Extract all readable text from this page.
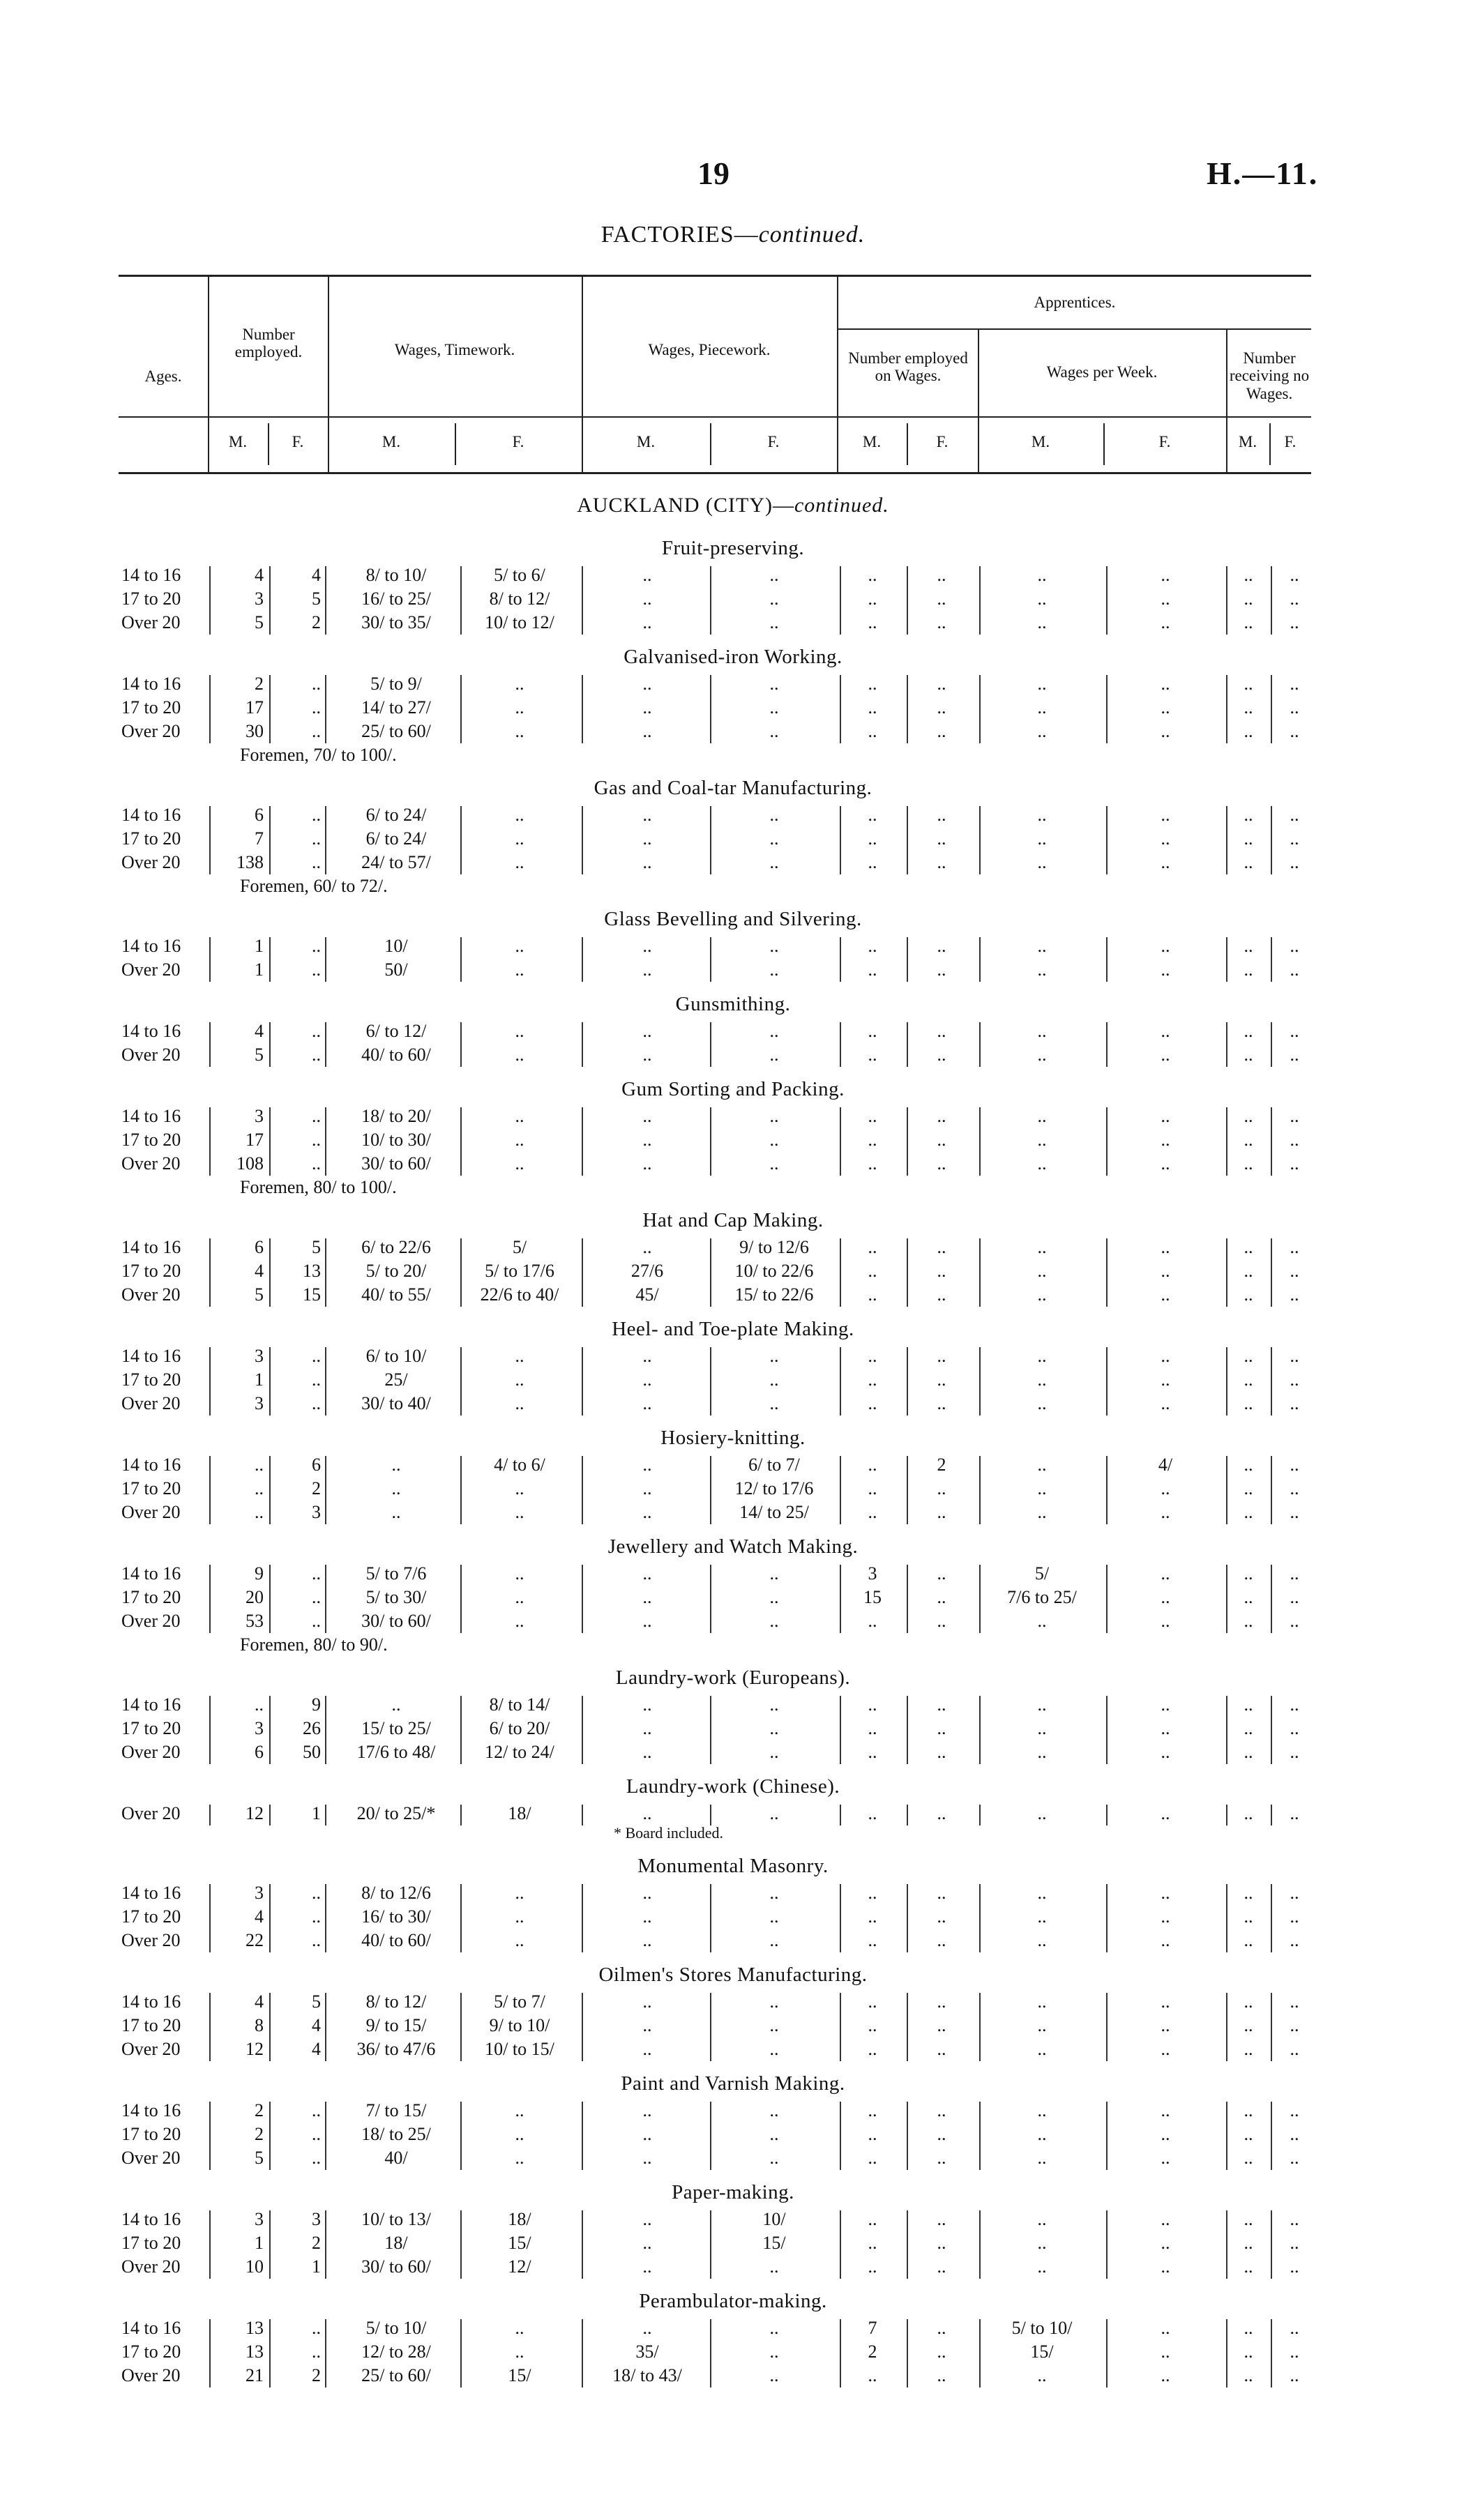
19	H.—11.
FACTORIES—continued.
Ages.
Number employed.	Wages, Timework.	Wages, Piecework.
Apprentices.
Number employed on Wages.	Wages per Week.
Number receiving no Wages.
M.	F.	M.	F.	M.	F.	M.	F.	M.	F.	M.	F.
AUCKLAND (CITY)—continued.
Fruit-preserving.
14 to 16	4	4	8/ to 10/	5/ to 6/	..	..	..	..	..	..	..	..
17 to 20	3	5	16/ to 25/	8/ to 12/	..	..	..	..	..	..	..	..
Over 20	5	2	30/ to 35/	10/ to 12/	..	..	..	..	..	..	..	..
Galvanised-iron Working.
14 to 16	2	..	5/ to 9/	..	..	..	..	..	..	..	..	..
17 to 20	17	..	14/ to 27/	..	..	..	..	..	..	..	..	..
Over 20	30	..	25/ to 60/	..	..	..	..	..	..	..	..	..
Foremen, 70/ to 100/.
Gas and Coal-tar Manufacturing.
14 to 16	6	..	6/ to 24/	..	..	..	..	..	..	..	..	..
17 to 20	7	..	6/ to 24/	..	..	..	..	..	..	..	..	..
Over 20	138	..	24/ to 57/	..	..	..	..	..	..	..	..	..
Foremen, 60/ to 72/.
Glass Bevelling and Silvering.
14 to 16	1	..	10/	..	..	..	..	..	..	..	..	..
Over 20	1	..	50/	..	..	..	..	..	..	..	..	..
Gunsmithing.
14 to 16	4	..	6/ to 12/	..	..	..	..	..	..	..	..	..
Over 20	5	..	40/ to 60/	..	..	..	..	..	..	..	..	..
Gum Sorting and Packing.
14 to 16	3	..	18/ to 20/	..	..	..	..	..	..	..	..	..
17 to 20	17	..	10/ to 30/	..	..	..	..	..	..	..	..	..
Over 20	108	..	30/ to 60/	..	..	..	..	..	..	..	..	..
Foremen, 80/ to 100/.
Hat and Cap Making.
14 to 16	6	5	6/ to 22/6	5/	..	9/ to 12/6	..	..	..	..	..	..
17 to 20	4	13	5/ to 20/	5/ to 17/6	27/6	10/ to 22/6	..	..	..	..	..	..
Over 20	5	15	40/ to 55/	22/6 to 40/	45/	15/ to 22/6	..	..	..	..	..	..
Heel- and Toe-plate Making.
14 to 16	3	..	6/ to 10/	..	..	..	..	..	..	..	..	..
17 to 20	1	..	25/	..	..	..	..	..	..	..	..	..
Over 20	3	..	30/ to 40/	..	..	..	..	..	..	..	..	..
Hosiery-knitting.
14 to 16	..	6	..	4/ to 6/	..	6/ to 7/	..	2	..	4/	..	..
17 to 20	..	2	..	..	..	12/ to 17/6	..	..	..	..	..	..
Over 20	..	3	..	..	..	14/ to 25/	..	..	..	..	..	..
Jewellery and Watch Making.
14 to 16	9	..	5/ to 7/6	..	..	..	3	..	5/	..	..	..
17 to 20	20	..	5/ to 30/	..	..	..	15	..	7/6 to 25/	..	..	..
Over 20	53	..	30/ to 60/	..	..	..	..	..	..	..	..	..
Foremen, 80/ to 90/.
Laundry-work (Europeans).
14 to 16	..	9	..	8/ to 14/	..	..	..	..	..	..	..	..
17 to 20	3	26	15/ to 25/	6/ to 20/	..	..	..	..	..	..	..	..
Over 20	6	50	17/6 to 48/	12/ to 24/	..	..	..	..	..	..	..	..
Laundry-work (Chinese).
Over 20	12	1	20/ to 25/*	18/	..	..	..	..	..	..	..	..
* Board included.
Monumental Masonry.
14 to 16	3	..	8/ to 12/6	..	..	..	..	..	..	..	..	..
17 to 20	4	..	16/ to 30/	..	..	..	..	..	..	..	..	..
Over 20	22	..	40/ to 60/	..	..	..	..	..	..	..	..	..
Oilmen's Stores Manufacturing.
14 to 16	4	5	8/ to 12/	5/ to 7/	..	..	..	..	..	..	..	..
17 to 20	8	4	9/ to 15/	9/ to 10/	..	..	..	..	..	..	..	..
Over 20	12	4	36/ to 47/6	10/ to 15/	..	..	..	..	..	..	..	..
Paint and Varnish Making.
14 to 16	2	..	7/ to 15/	..	..	..	..	..	..	..	..	..
17 to 20	2	..	18/ to 25/	..	..	..	..	..	..	..	..	..
Over 20	5	..	40/	..	..	..	..	..	..	..	..	..
Paper-making.
14 to 16	3	3	10/ to 13/	18/	..	10/	..	..	..	..	..	..
17 to 20	1	2	18/	15/	..	15/	..	..	..	..	..	..
Over 20	10	1	30/ to 60/	12/	..	..	..	..	..	..	..	..
Perambulator-making.
14 to 16	13	..	5/ to 10/	..	..	..	7	..	5/ to 10/	..	..	..
17 to 20	13	..	12/ to 28/	..	35/	..	2	..	15/	..	..	..
Over 20	21	2	25/ to 60/	15/	18/ to 43/	..	..	..	..	..	..	..
